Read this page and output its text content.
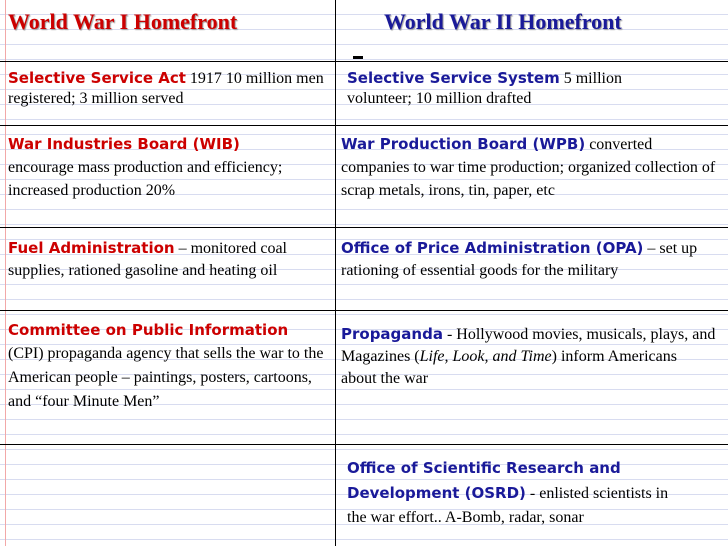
World War I Homefront	World War II Homefront
Selective Service Act 1917 10 million men registered; 3 million served
Selective Service System 5 million volunteer; 10 million drafted
War Industries Board (WIB)
encourage mass production and efficiency; increased production 20%
War Production Board (WPB) converted companies to war time production; organized collection of scrap metals, irons, tin, paper, etc
Fuel Administration – monitored coal supplies, rationed gasoline and heating oil
Office of Price Administration (OPA) – set up rationing of essential goods for the military
Committee on Public Information
(CPI) propaganda agency that sells the war to the American people – paintings, posters, cartoons, and “four Minute Men”
Propaganda - Hollywood movies, musicals, plays, and Magazines (Life, Look, and Time) inform Americans about the war
Office of Scientific Research and Development (OSRD) - enlisted scientists in the war effort.. A-Bomb, radar, sonar
